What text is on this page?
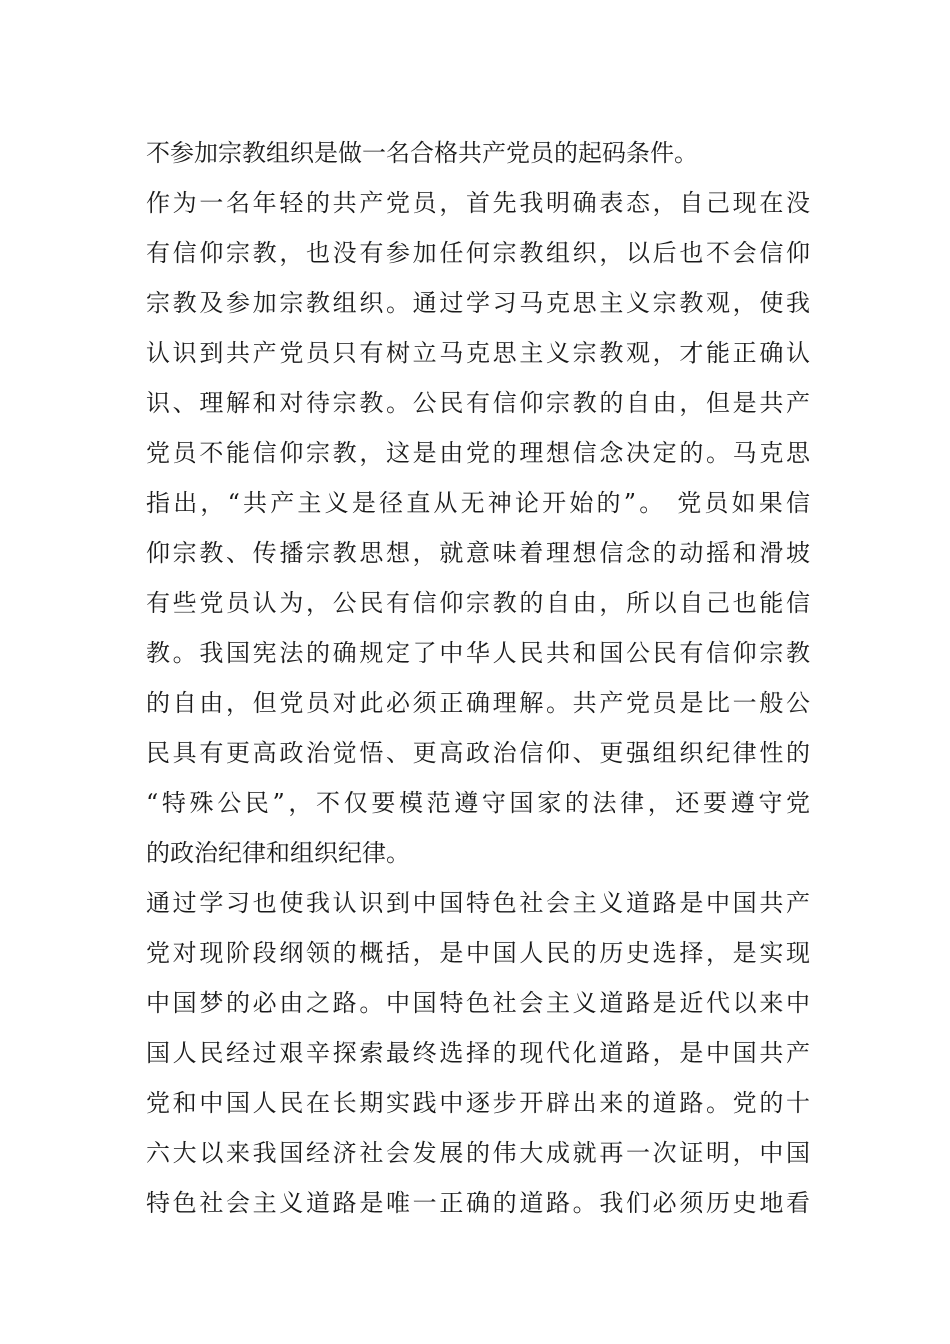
不参加宗教组织是做一名合格共产党员的起码条件。
作为一名年轻的共产党员，首先我明确表态，自己现在没
有信仰宗教，也没有参加任何宗教组织，以后也不会信仰
宗教及参加宗教组织。通过学习马克思主义宗教观，使我
认识到共产党员只有树立马克思主义宗教观，才能正确认
识、理解和对待宗教。公民有信仰宗教的自由，但是共产
党员不能信仰宗教，这是由党的理想信念决定的。马克思
指出，“共产主义是径直从无神论开始的”。 党员如果信
仰宗教、传播宗教思想，就意味着理想信念的动摇和滑坡
有些党员认为，公民有信仰宗教的自由，所以自己也能信
教。我国宪法的确规定了中华人民共和国公民有信仰宗教
的自由，但党员对此必须正确理解。共产党员是比一般公
民具有更高政治觉悟、更高政治信仰、更强组织纪律性的
“特殊公民”，不仅要模范遵守国家的法律，还要遵守党
的政治纪律和组织纪律。
通过学习也使我认识到中国特色社会主义道路是中国共产
党对现阶段纲领的概括，是中国人民的历史选择，是实现
中国梦的必由之路。中国特色社会主义道路是近代以来中
国人民经过艰辛探索最终选择的现代化道路，是中国共产
党和中国人民在长期实践中逐步开辟出来的道路。党的十
六大以来我国经济社会发展的伟大成就再一次证明，中国
特色社会主义道路是唯一正确的道路。我们必须历史地看
